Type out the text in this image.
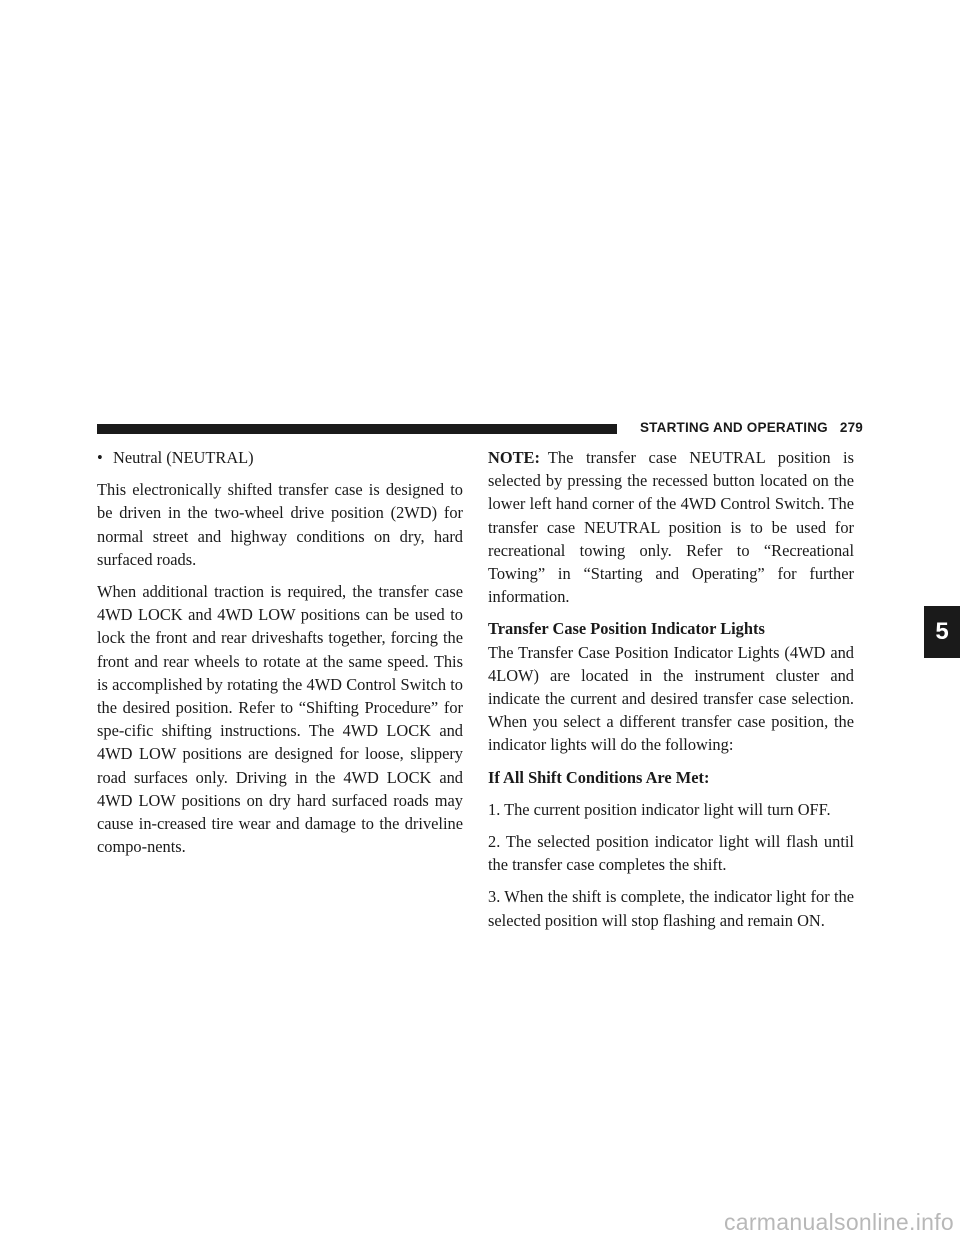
STARTING AND OPERATING 279
• Neutral (NEUTRAL)

This electronically shifted transfer case is designed to be driven in the two-wheel drive position (2WD) for normal street and highway conditions on dry, hard surfaced roads.

When additional traction is required, the transfer case 4WD LOCK and 4WD LOW positions can be used to lock the front and rear driveshafts together, forcing the front and rear wheels to rotate at the same speed. This is accomplished by rotating the 4WD Control Switch to the desired position. Refer to “Shifting Procedure” for spe-cific shifting instructions. The 4WD LOCK and 4WD LOW positions are designed for loose, slippery road surfaces only. Driving in the 4WD LOCK and 4WD LOW positions on dry hard surfaced roads may cause in-creased tire wear and damage to the driveline compo-nents.

NOTE: The transfer case NEUTRAL position is selected by pressing the recessed button located on the lower left hand corner of the 4WD Control Switch. The transfer case NEUTRAL position is to be used for recreational towing only. Refer to “Recreational Towing” in “Starting and Operating” for further information.

Transfer Case Position Indicator Lights

The Transfer Case Position Indicator Lights (4WD and 4LOW) are located in the instrument cluster and indicate the current and desired transfer case selection. When you select a different transfer case position, the indicator lights will do the following:

If All Shift Conditions Are Met:

1. The current position indicator light will turn OFF.

2. The selected position indicator light will flash until the transfer case completes the shift.

3. When the shift is complete, the indicator light for the selected position will stop flashing and remain ON.

5
carmanualsonline.info
